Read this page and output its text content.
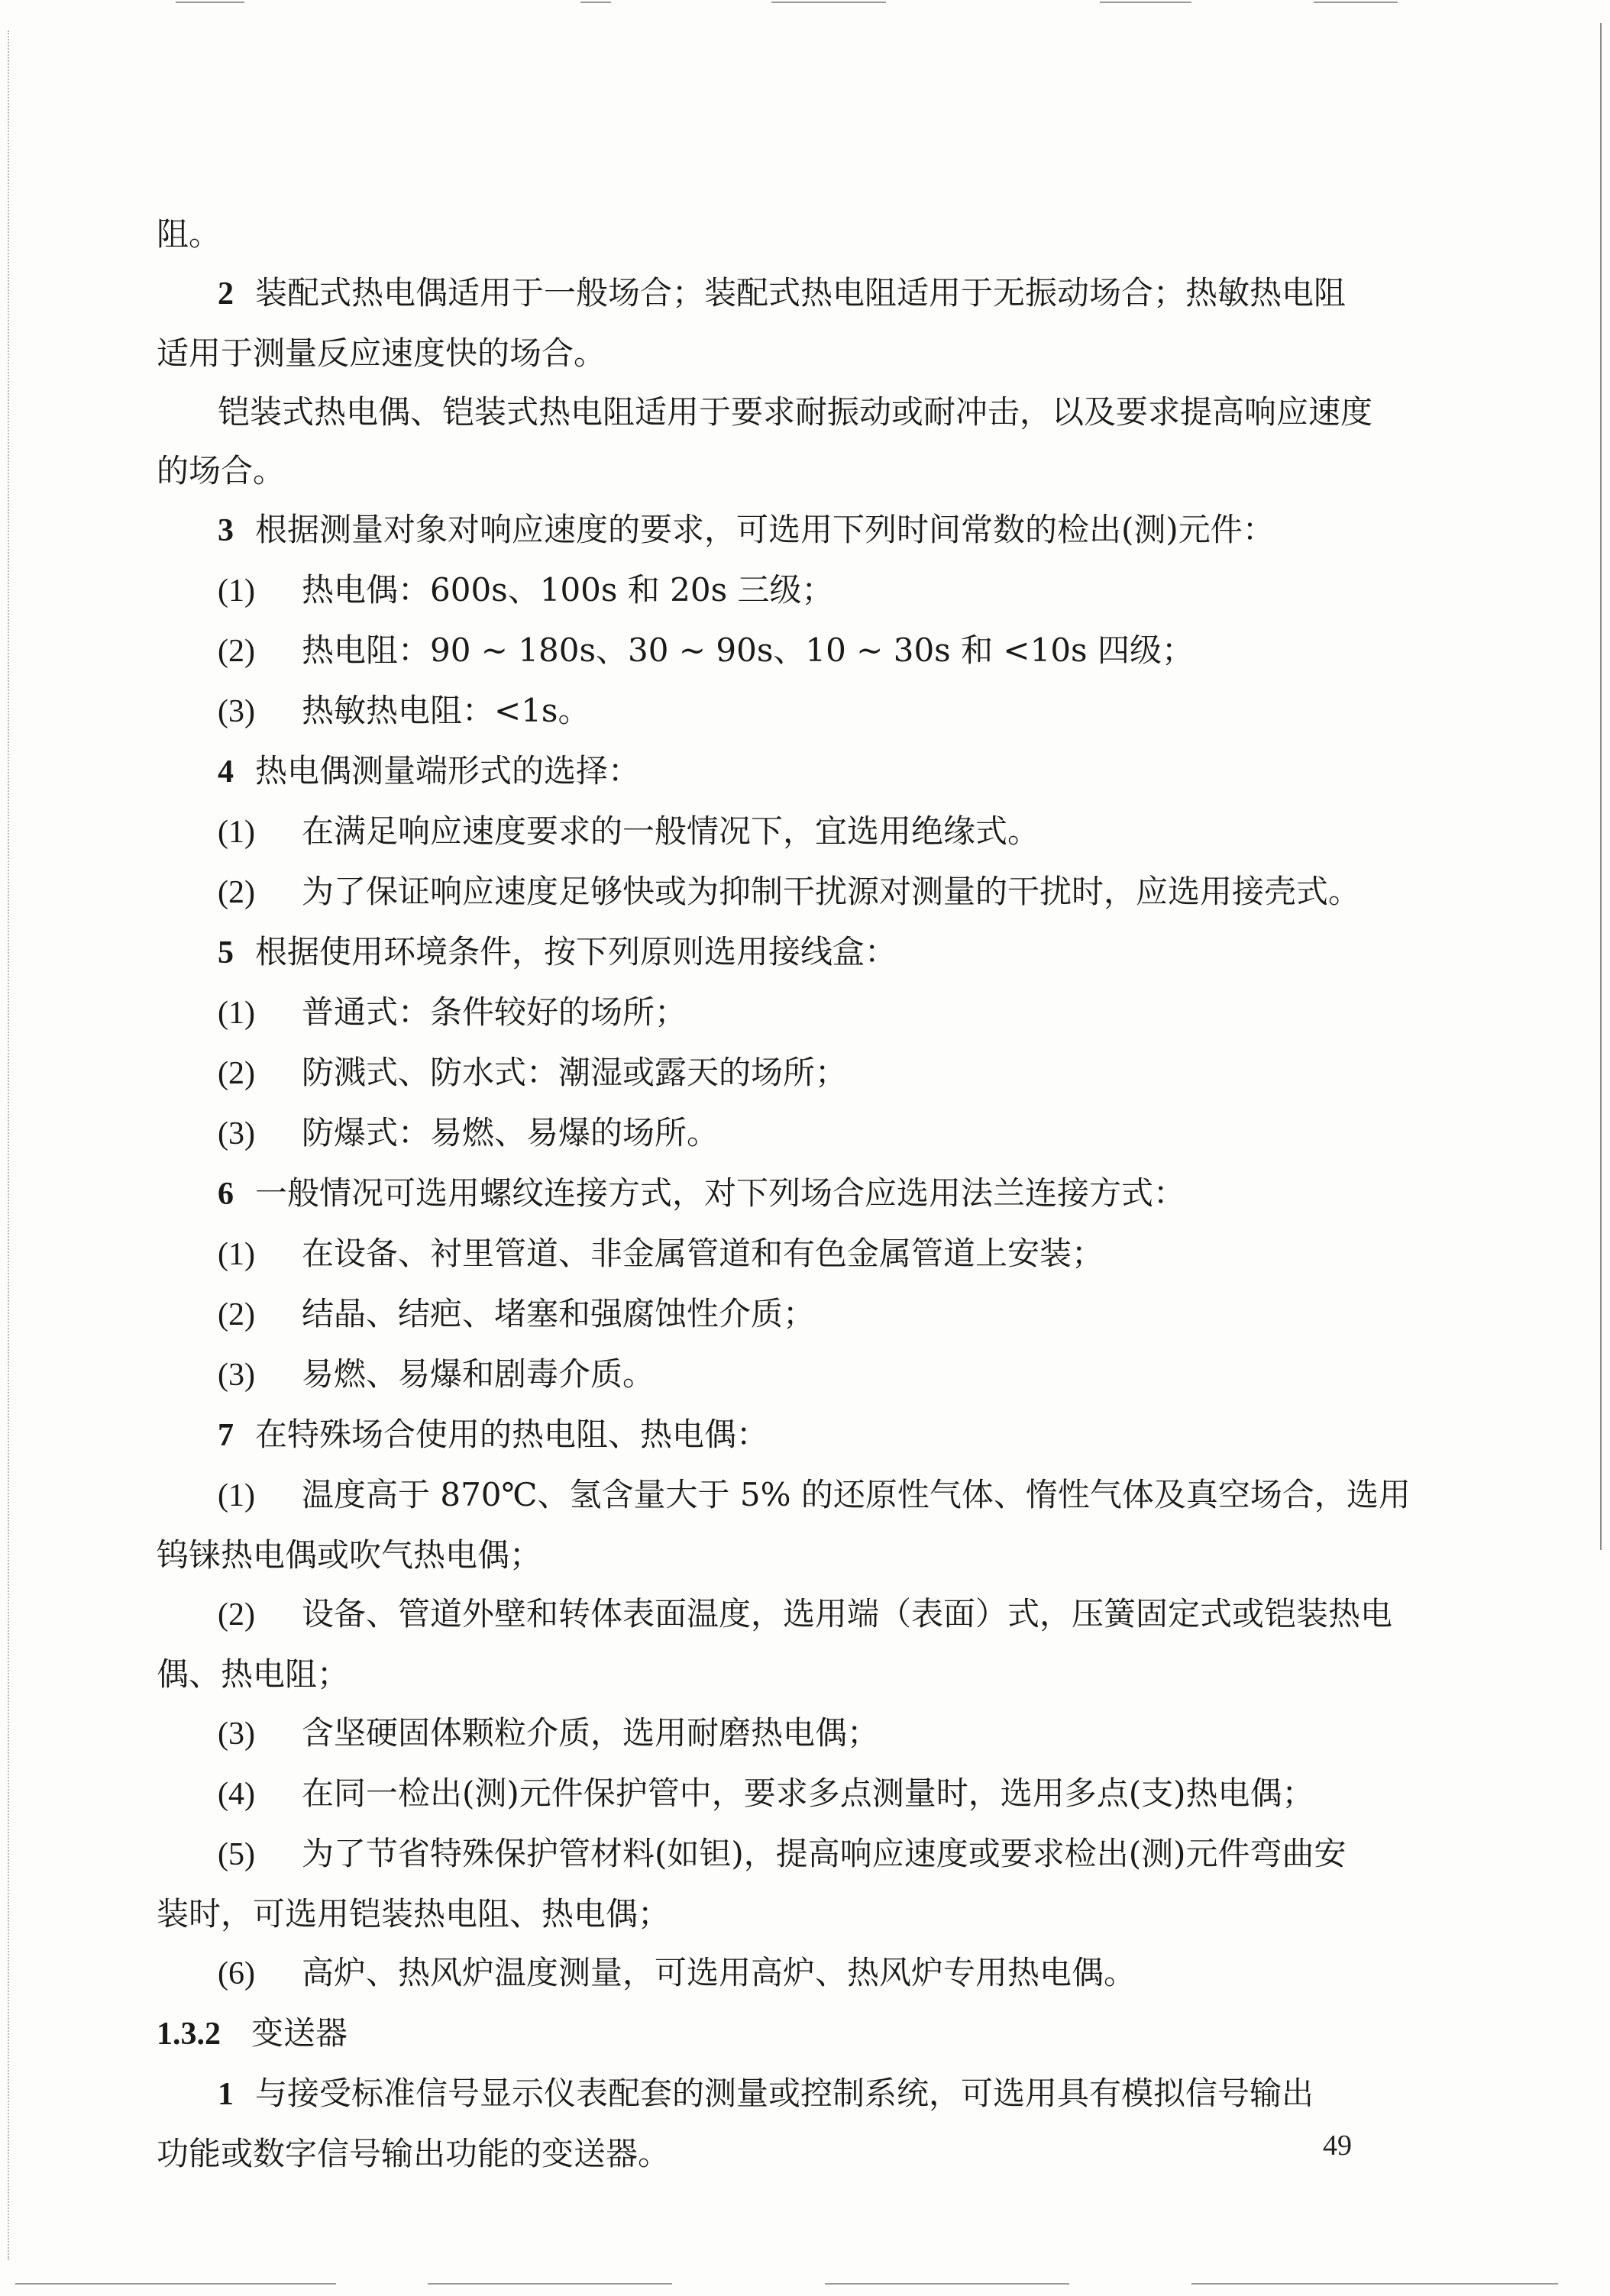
阻。

2 装配式热电偶适用于一般场合；装配式热电阻适用于无振动场合；热敏热电阻

适用于测量反应速度快的场合。

铠装式热电偶、铠装式热电阻适用于要求耐振动或耐冲击，以及要求提高响应速度

的场合。

3 根据测量对象对响应速度的要求，可选用下列时间常数的检出(测)元件：

(1) 热电偶：600s、100s 和 20s 三级；

(2) 热电阻：90 ~ 180s、30 ~ 90s、10 ~ 30s 和 <10s 四级；

(3) 热敏热电阻：<1s。

4 热电偶测量端形式的选择：

(1) 在满足响应速度要求的一般情况下，宜选用绝缘式。

(2) 为了保证响应速度足够快或为抑制干扰源对测量的干扰时，应选用接壳式。

5 根据使用环境条件，按下列原则选用接线盒：

(1) 普通式：条件较好的场所；

(2) 防溅式、防水式：潮湿或露天的场所；

(3) 防爆式：易燃、易爆的场所。

6 一般情况可选用螺纹连接方式，对下列场合应选用法兰连接方式：

(1) 在设备、衬里管道、非金属管道和有色金属管道上安装；

(2) 结晶、结疤、堵塞和强腐蚀性介质；

(3) 易燃、易爆和剧毒介质。

7 在特殊场合使用的热电阻、热电偶：

(1) 温度高于 870℃、氢含量大于 5% 的还原性气体、惰性气体及真空场合，选用

钨铼热电偶或吹气热电偶；

(2) 设备、管道外壁和转体表面温度，选用端（表面）式，压簧固定式或铠装热电

偶、热电阻；

(3) 含坚硬固体颗粒介质，选用耐磨热电偶；

(4) 在同一检出(测)元件保护管中，要求多点测量时，选用多点(支)热电偶；

(5) 为了节省特殊保护管材料(如钽)，提高响应速度或要求检出(测)元件弯曲安

装时，可选用铠装热电阻、热电偶；

(6) 高炉、热风炉温度测量，可选用高炉、热风炉专用热电偶。

1.3.2 变送器

1 与接受标准信号显示仪表配套的测量或控制系统，可选用具有模拟信号输出

功能或数字信号输出功能的变送器。	49
